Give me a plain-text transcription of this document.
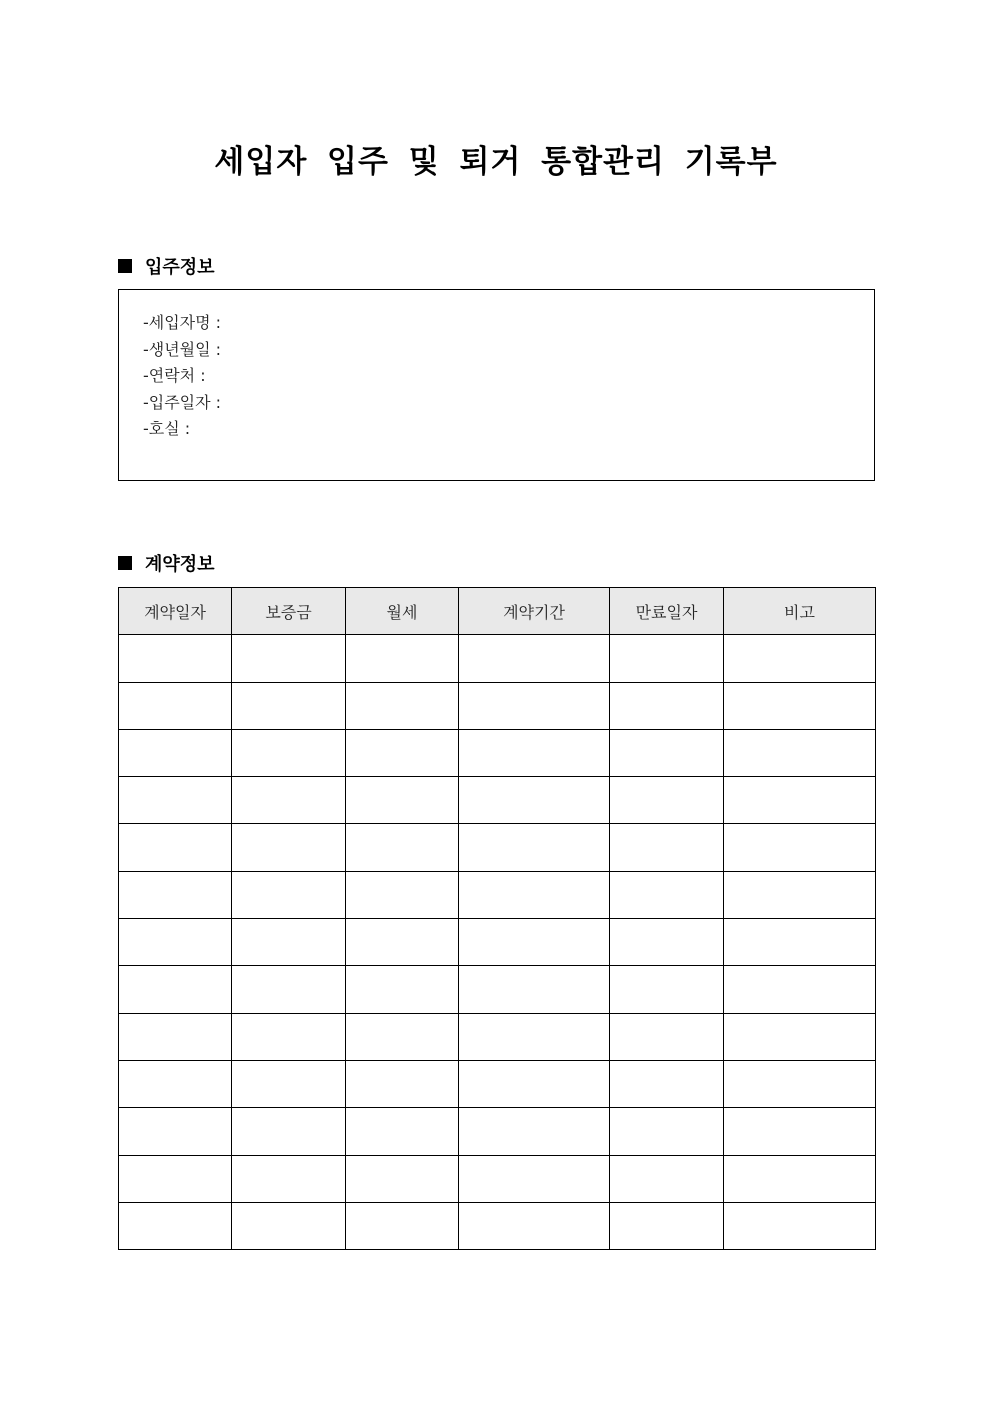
세입자 입주 및 퇴거 통합관리 기록부
입주정보
-세입자명 :
-생년월일 :
-연락처 :
-입주일자 :
-호실 :
계약정보
계약일자	보증금	월세	계약기간	만료일자	비고
